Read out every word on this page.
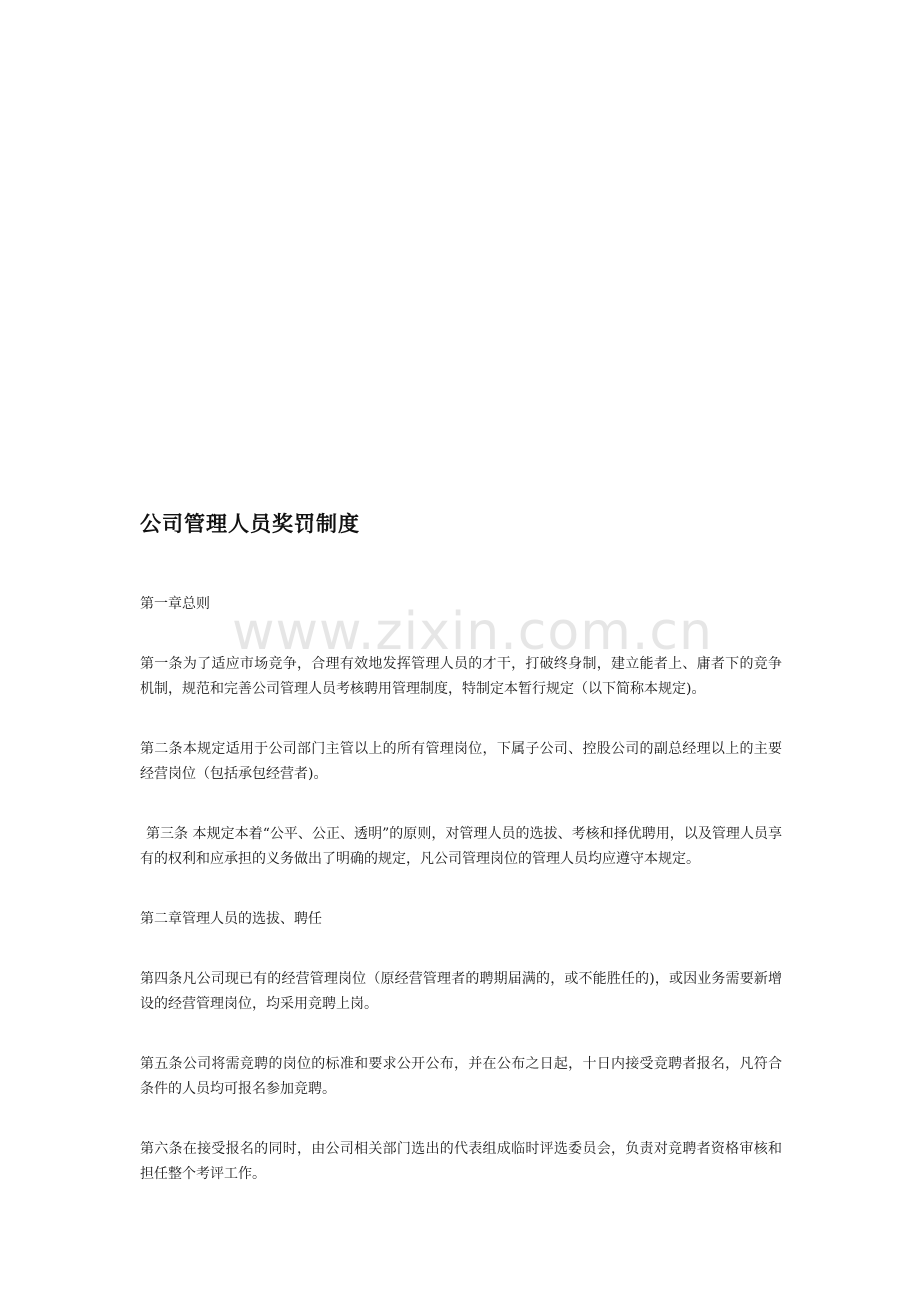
www.zixin.com.cn
公司管理人员奖罚制度

第一章总则

第一条为了适应市场竞争，合理有效地发挥管理人员的才干，打破终身制，建立能者上、庸者下的竞争机制，规范和完善公司管理人员考核聘用管理制度，特制定本暂行规定（以下简称本规定)。

第二条本规定适用于公司部门主管以上的所有管理岗位，下属子公司、控股公司的副总经理以上的主要经营岗位（包括承包经营者)。

第三条 本规定本着“公平、公正、透明”的原则，对管理人员的选拔、考核和择优聘用，以及管理人员享有的权利和应承担的义务做出了明确的规定，凡公司管理岗位的管理人员均应遵守本规定。

第二章管理人员的选拔、聘任

第四条凡公司现已有的经营管理岗位（原经营管理者的聘期届满的，或不能胜任的)，或因业务需要新增设的经营管理岗位，均采用竞聘上岗。

第五条公司将需竞聘的岗位的标准和要求公开公布，并在公布之日起，十日内接受竞聘者报名，凡符合条件的人员均可报名参加竞聘。

第六条在接受报名的同时，由公司相关部门选出的代表组成临时评选委员会，负责对竞聘者资格审核和担任整个考评工作。
